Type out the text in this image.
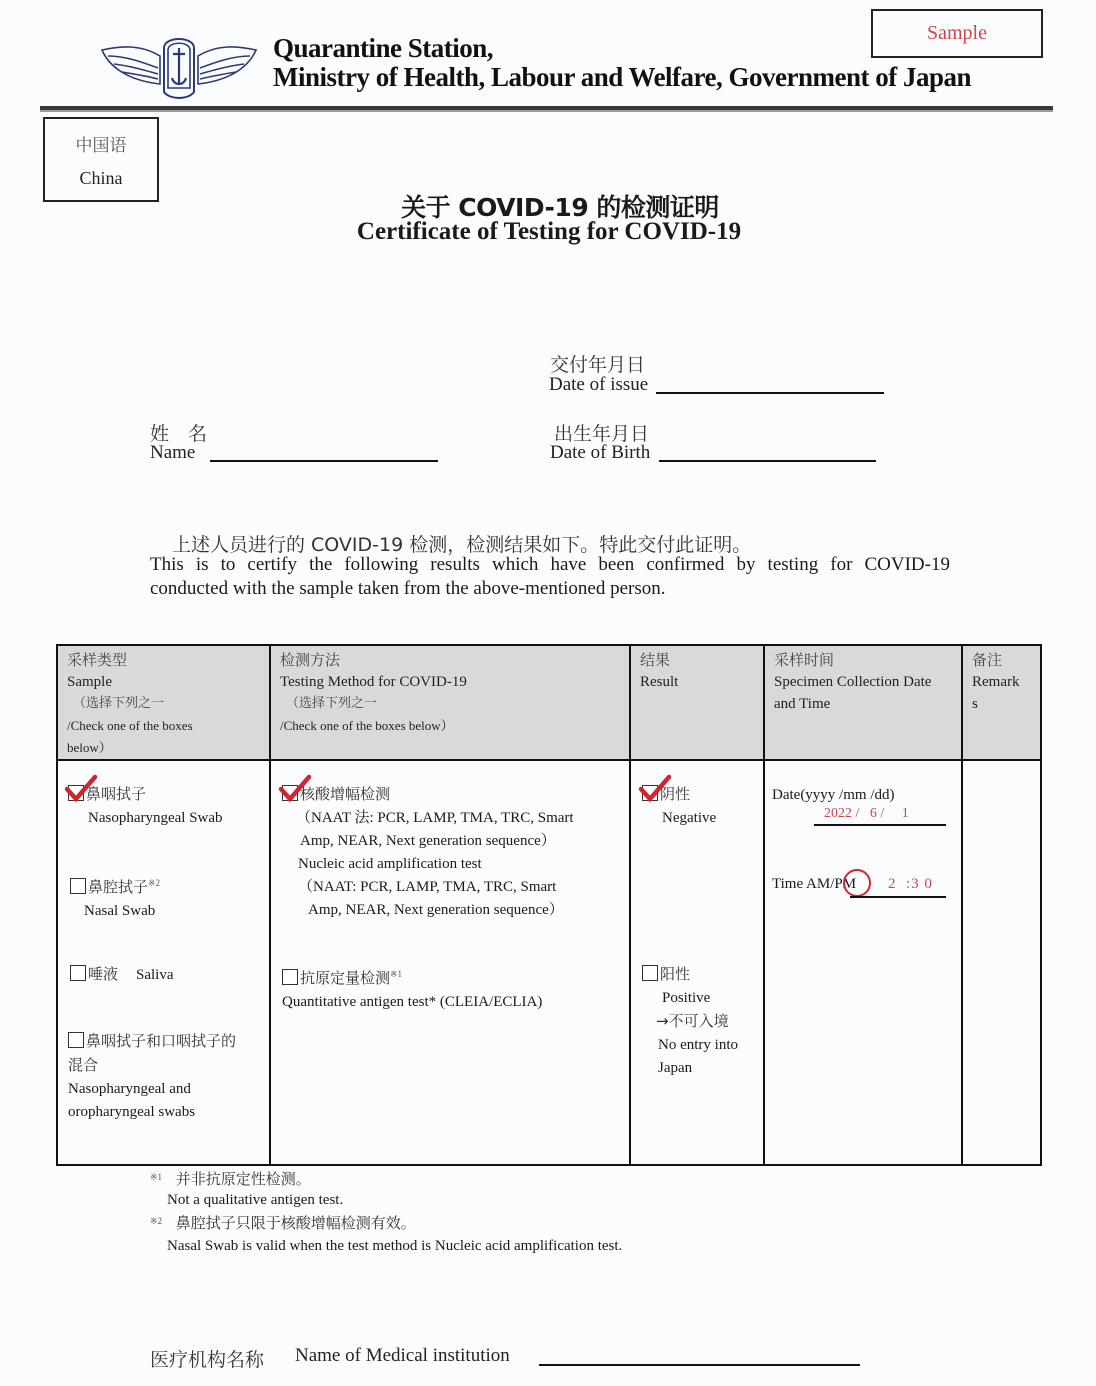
Quarantine Station,
Ministry of Health, Labour and Welfare, Government of Japan
Sample
中国语
China
关于 COVID-19 的检测证明
Certificate of Testing for COVID-19
交付年月日
Date of issue
姓　名
Name
出生年月日
Date of Birth
上述人员进行的 COVID-19 检测，检测结果如下。特此交付此证明。
This is to certify the following results which have been confirmed by testing for COVID-19
conducted with the sample taken from the above-mentioned person.
采样类型
Sample
（选择下列之一
/Check one of the boxes
below）
检测方法
Testing Method for COVID-19
（选择下列之一
/Check one of the boxes below）
结果
Result
采样时间
Specimen Collection Date
and Time
备注
Remark
s
鼻咽拭子
Nasopharyngeal Swab
鼻腔拭子$^{※2}$
Nasal Swab
唾液 Saliva
鼻咽拭子和口咽拭子的
混合
Nasopharyngeal and
oropharyngeal swabs
核酸增幅检测
（NAAT 法: PCR, LAMP, TMA, TRC, Smart
Amp, NEAR, Next generation sequence）
Nucleic acid amplification test
（NAAT: PCR, LAMP, TMA, TRC, Smart
Amp, NEAR, Next generation sequence）
抗原定量检测$^{※1}$
Quantitative antigen test* (CLEIA/ECLIA)
阴性
Negative
阳性
Positive
→不可入境
No entry into
Japan
Date(yyyy /mm /dd)
2022 /   6 /     1
Time AM/PM	2  :3 0
$^{※1}$ 并非抗原定性检测。
Not a qualitative antigen test.
$^{※2}$ 鼻腔拭子只限于核酸增幅检测有效。
Nasal Swab is valid when the test method is Nucleic acid amplification test.
医疗机构名称 Name of Medical institution
